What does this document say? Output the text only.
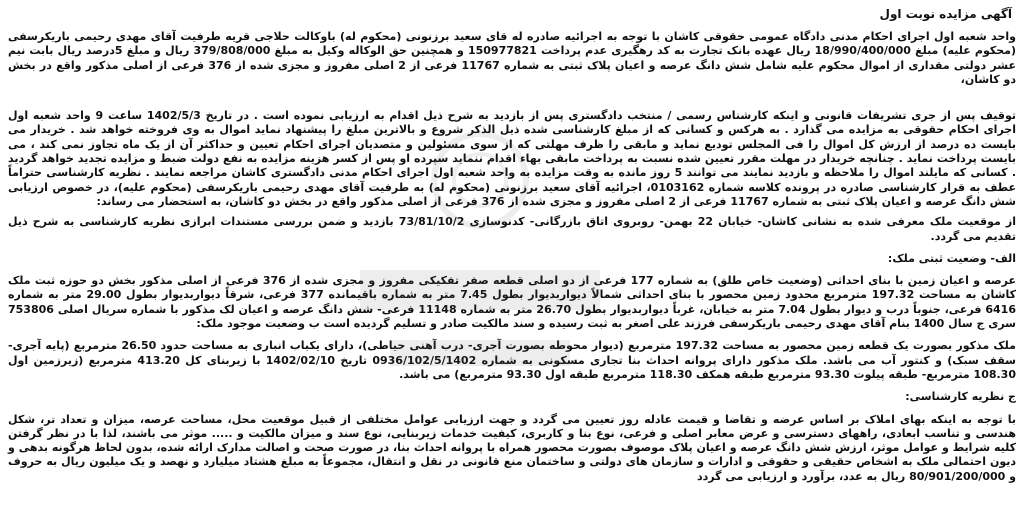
آگهی مزایده نوبت اول

واحد شعبه اول اجرای احکام مدنی دادگاه عمومی حقوقی کاشان با توجه به اجرائیه صادره له قای سعید برزنونی (محکوم له) باوکالت حلاجی قریه طرفیت آقای مهدی رحیمی باریکرسفی (محکوم علیه) مبلغ 18/990/400/000 ریال عهده بانک تجارت به کد رهگیری عدم پرداخت 150977821 و همچنین حق الوکاله وکیل به مبلغ 379/808/000 ریال و مبلغ 5درصد ریال بابت نیم عشر دولتی مقداری از اموال محکوم علیه شامل شش دانگ عرصه و اعیان پلاک ثبتی به شماره 11767 فرعی از 2 اصلی مفروز و مجزی شده از 376 فرعی از اصلی مذکور واقع در بخش دو کاشان،

توقیف پس از جری تشریفات قانونی و اینکه کارشناس رسمی / منتخب دادگستری پس از بازدید به شرح ذیل اقدام به ارزیابی نموده است . در تاریخ 1402/5/3 ساعت 9 واحد شعبه اول اجرای احکام حقوقی به مزایده می گذارد . به هرکس و کسانی که از مبلغ کارشناسی شده ذیل الذکر شروع و بالاترین مبلغ را پیشنهاد نماید اموال به وی فروخته خواهد شد . خریدار می بایست ده درصد از ارزش کل اموال را فی المجلس تودیع نماید و مابقی را ظرف مهلتی که از سوی مسئولین و متصدیان اجرای احکام تعیین و حداکثر آن از یک ماه تجاوز نمی کند ، می بایست پرداخت نماید . چنانچه خریدار در مهلت مقرر تعیین شده نسبت به پرداخت مابقی بهاء اقدام ننماید سپرده او پس از کسر هزینه مزایده به نفع دولت ضبط و مزایده تجدید خواهد گردید . کسانی که مایلند اموال را ملاحظه و بازدید نمایند می توانند 5 روز مانده به وقت مزایده به واحد شعبه اول اجرای احکام مدنی دادگستری کاشان مراجعه نمایند . نظریه کارشناسی حتراماً عطف به قرار کارشناسی صادره در پرونده کلاسه شماره 0103162، اجرائیه آقای سعید برزنونی (محکوم له) به طرفیت آقای مهدی رحیمی باریکرسفی (محکوم علیه)، در خصوص ارزیابی شش دانگ عرصه و اعیان پلاک ثبتی به شماره 11767 فرعی از 2 اصلی مفروز و مجزی شده از 376 فرعی از اصلی مذکور واقع در بخش دو کاشان، به استحضار می رساند:

از موقعیت ملک معرفی شده به نشانی کاشان- خیابان 22 بهمن- روبروی اتاق بازرگانی- کدنوسازی 73/81/10/2 بازدید و ضمن بررسی مستندات ابرازی نظریه کارشناسی به شرح ذیل تقدیم می گردد.

الف- وضعیت ثبتی ملک:

عرصه و اعیان زمین با بنای احداثی (وضعیت خاص طلق) به شماره 177 فرعی از دو اصلی قطعه صفر تفکیکی مفروز و مجزی شده از 376 فرعی از اصلی مذکور بخش دو حوزه ثبت ملک کاشان به مساحت 197.32 مترمربع محدود زمین محصور با بنای احداثی شمالاً دیواربدیوار بطول 7.45 متر به شماره باقیمانده 377 فرعی، شرقاً دیواربدیوار بطول 29.00 متر به شماره 6416 فرعی، جنوباً درب و دیوار بطول 7.04 متر به خیابان، غرباً دیواربدیوار بطول 26.70 متر به شماره 11148 فرعی- شش دانگ عرصه و اعیان لک مذکور با شماره سریال اصلی 753806 سری ج سال 1400 بنام آقای مهدی رحیمی باریکرسفی فرزند علی اصغر به ثبت رسیده و سند مالکیت صادر و تسلیم گردیده است ب وضعیت موجود ملک:

ملک مذکور بصورت یک قطعه زمین محصور به مساحت 197.32 مترمربع (دیوار محوطه بصورت آجری- درب آهنی حیاطی)، دارای یکباب انباری به مساحت حدود 26.50 مترمربع (پایه آجری- سقف سبک) و کنتور آب می باشد. ملک مذکور دارای پروانه احداث بنا تجاری مسکونی به شماره 0936/102/5/1402 تاریخ 1402/02/10 با زیربنای کل 413.20 مترمربع (زیرزمین اول 108.30 مترمربع- طبقه پیلوت 93.30 مترمربع طبقه همکف 118.30 مترمربع طبقه اول 93.30 مترمربع) می باشد.

ج نظریه کارشناسی:

با توجه به اینکه بهای املاک بر اساس عرضه و تقاضا و قیمت عادله روز تعیین می گردد و جهت ارزیابی عوامل مختلفی از قبیل موقعیت محل، مساحت عرصه، میزان و تعداد تر، شکل هندسی و تناسب ابعادی، راههای دسترسی و عرض معابر اصلی و فرعی، نوع بنا و کاربری، کیفیت خدمات زیربنایی، نوع سند و میزان مالکیت و ..... موثر می باشند، لذا با در نظر گرفتن کلیه شرایط و عوامل موثر، ارزش شش دانگ عرصه و اعیان پلاک موصوف بصورت محصور همراه با پروانه احداث بنا، در صورت صحت و اصالت مدارک ارائه شده، بدون لحاظ هرگونه بدهی و دیون احتمالی ملک به اشخاص حقیقی و حقوقی و ادارات و سازمان های دولتی و ساختمان منع قانونی در نقل و انتقال، مجموعاً به مبلغ هشتاد میلیارد و نهصد و یک میلیون ریال به حروف و 80/901/200/000 ریال به عدد، برآورد و ارزیابی می گردد
